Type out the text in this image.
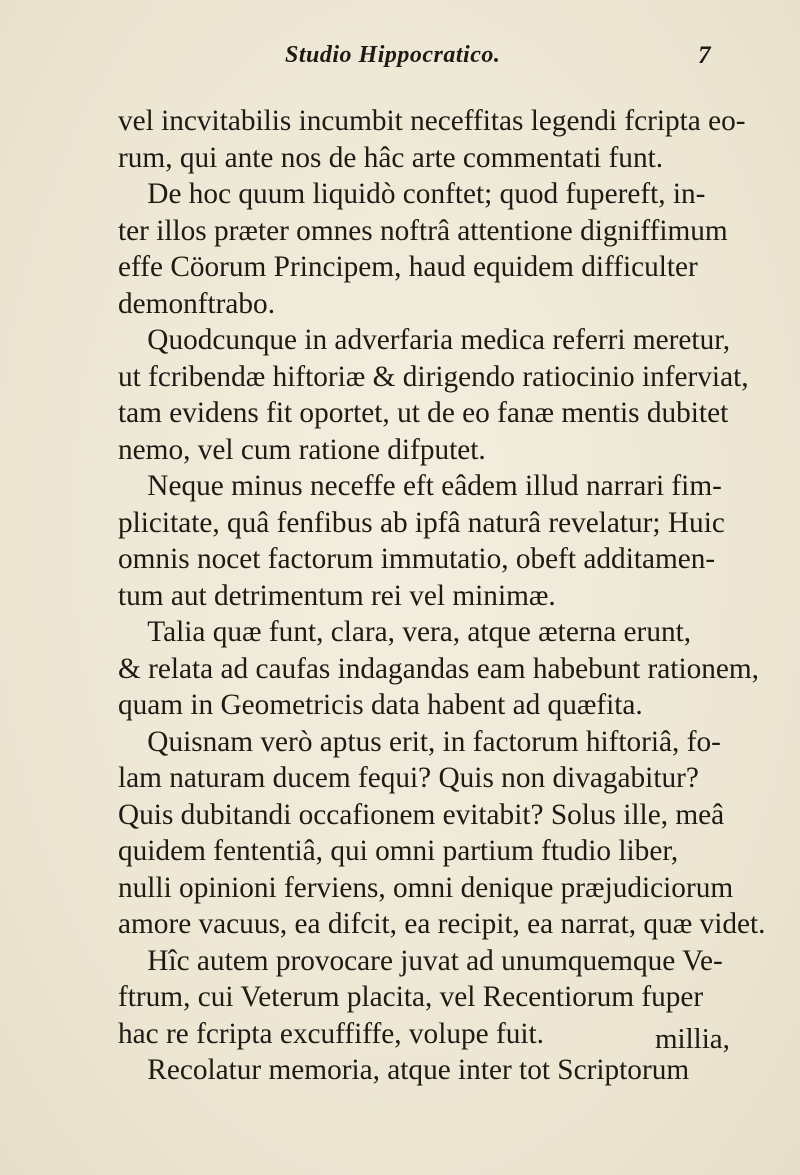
Studio Hippocratico.	7
vel incvitabilis incumbit neceffitas legendi fcripta eo-
rum, qui ante nos de hâc arte commentati funt.
 De hoc quum liquidò conftet; quod fupereft, in-
ter illos præter omnes noftrâ attentione digniffimum
effe Cöorum Principem, haud equidem difficulter
demonftrabo.
 Quodcunque in adverfaria medica referri meretur,
ut fcribendæ hiftoriæ & dirigendo ratiocinio inferviat,
tam evidens fit oportet, ut de eo fanæ mentis dubitet
nemo, vel cum ratione difputet.
 Neque minus neceffe eft eâdem illud narrari fim-
plicitate, quâ fenfibus ab ipfâ naturâ revelatur; Huic
omnis nocet factorum immutatio, obeft additamen-
tum aut detrimentum rei vel minimæ.
 Talia quæ funt, clara, vera, atque æterna erunt,
& relata ad caufas indagandas eam habebunt rationem,
quam in Geometricis data habent ad quæfita.
 Quisnam verò aptus erit, in factorum hiftoriâ, fo-
lam naturam ducem fequi? Quis non divagabitur?
Quis dubitandi occafionem evitabit? Solus ille, meâ
quidem fententiâ, qui omni partium ftudio liber,
nulli opinioni ferviens, omni denique præjudiciorum
amore vacuus, ea difcit, ea recipit, ea narrat, quæ videt.
 Hîc autem provocare juvat ad unumquemque Ve-
ftrum, cui Veterum placita, vel Recentiorum fuper
hac re fcripta excuffiffe, volupe fuit.
 Recolatur memoria, atque inter tot Scriptorum
millia,
